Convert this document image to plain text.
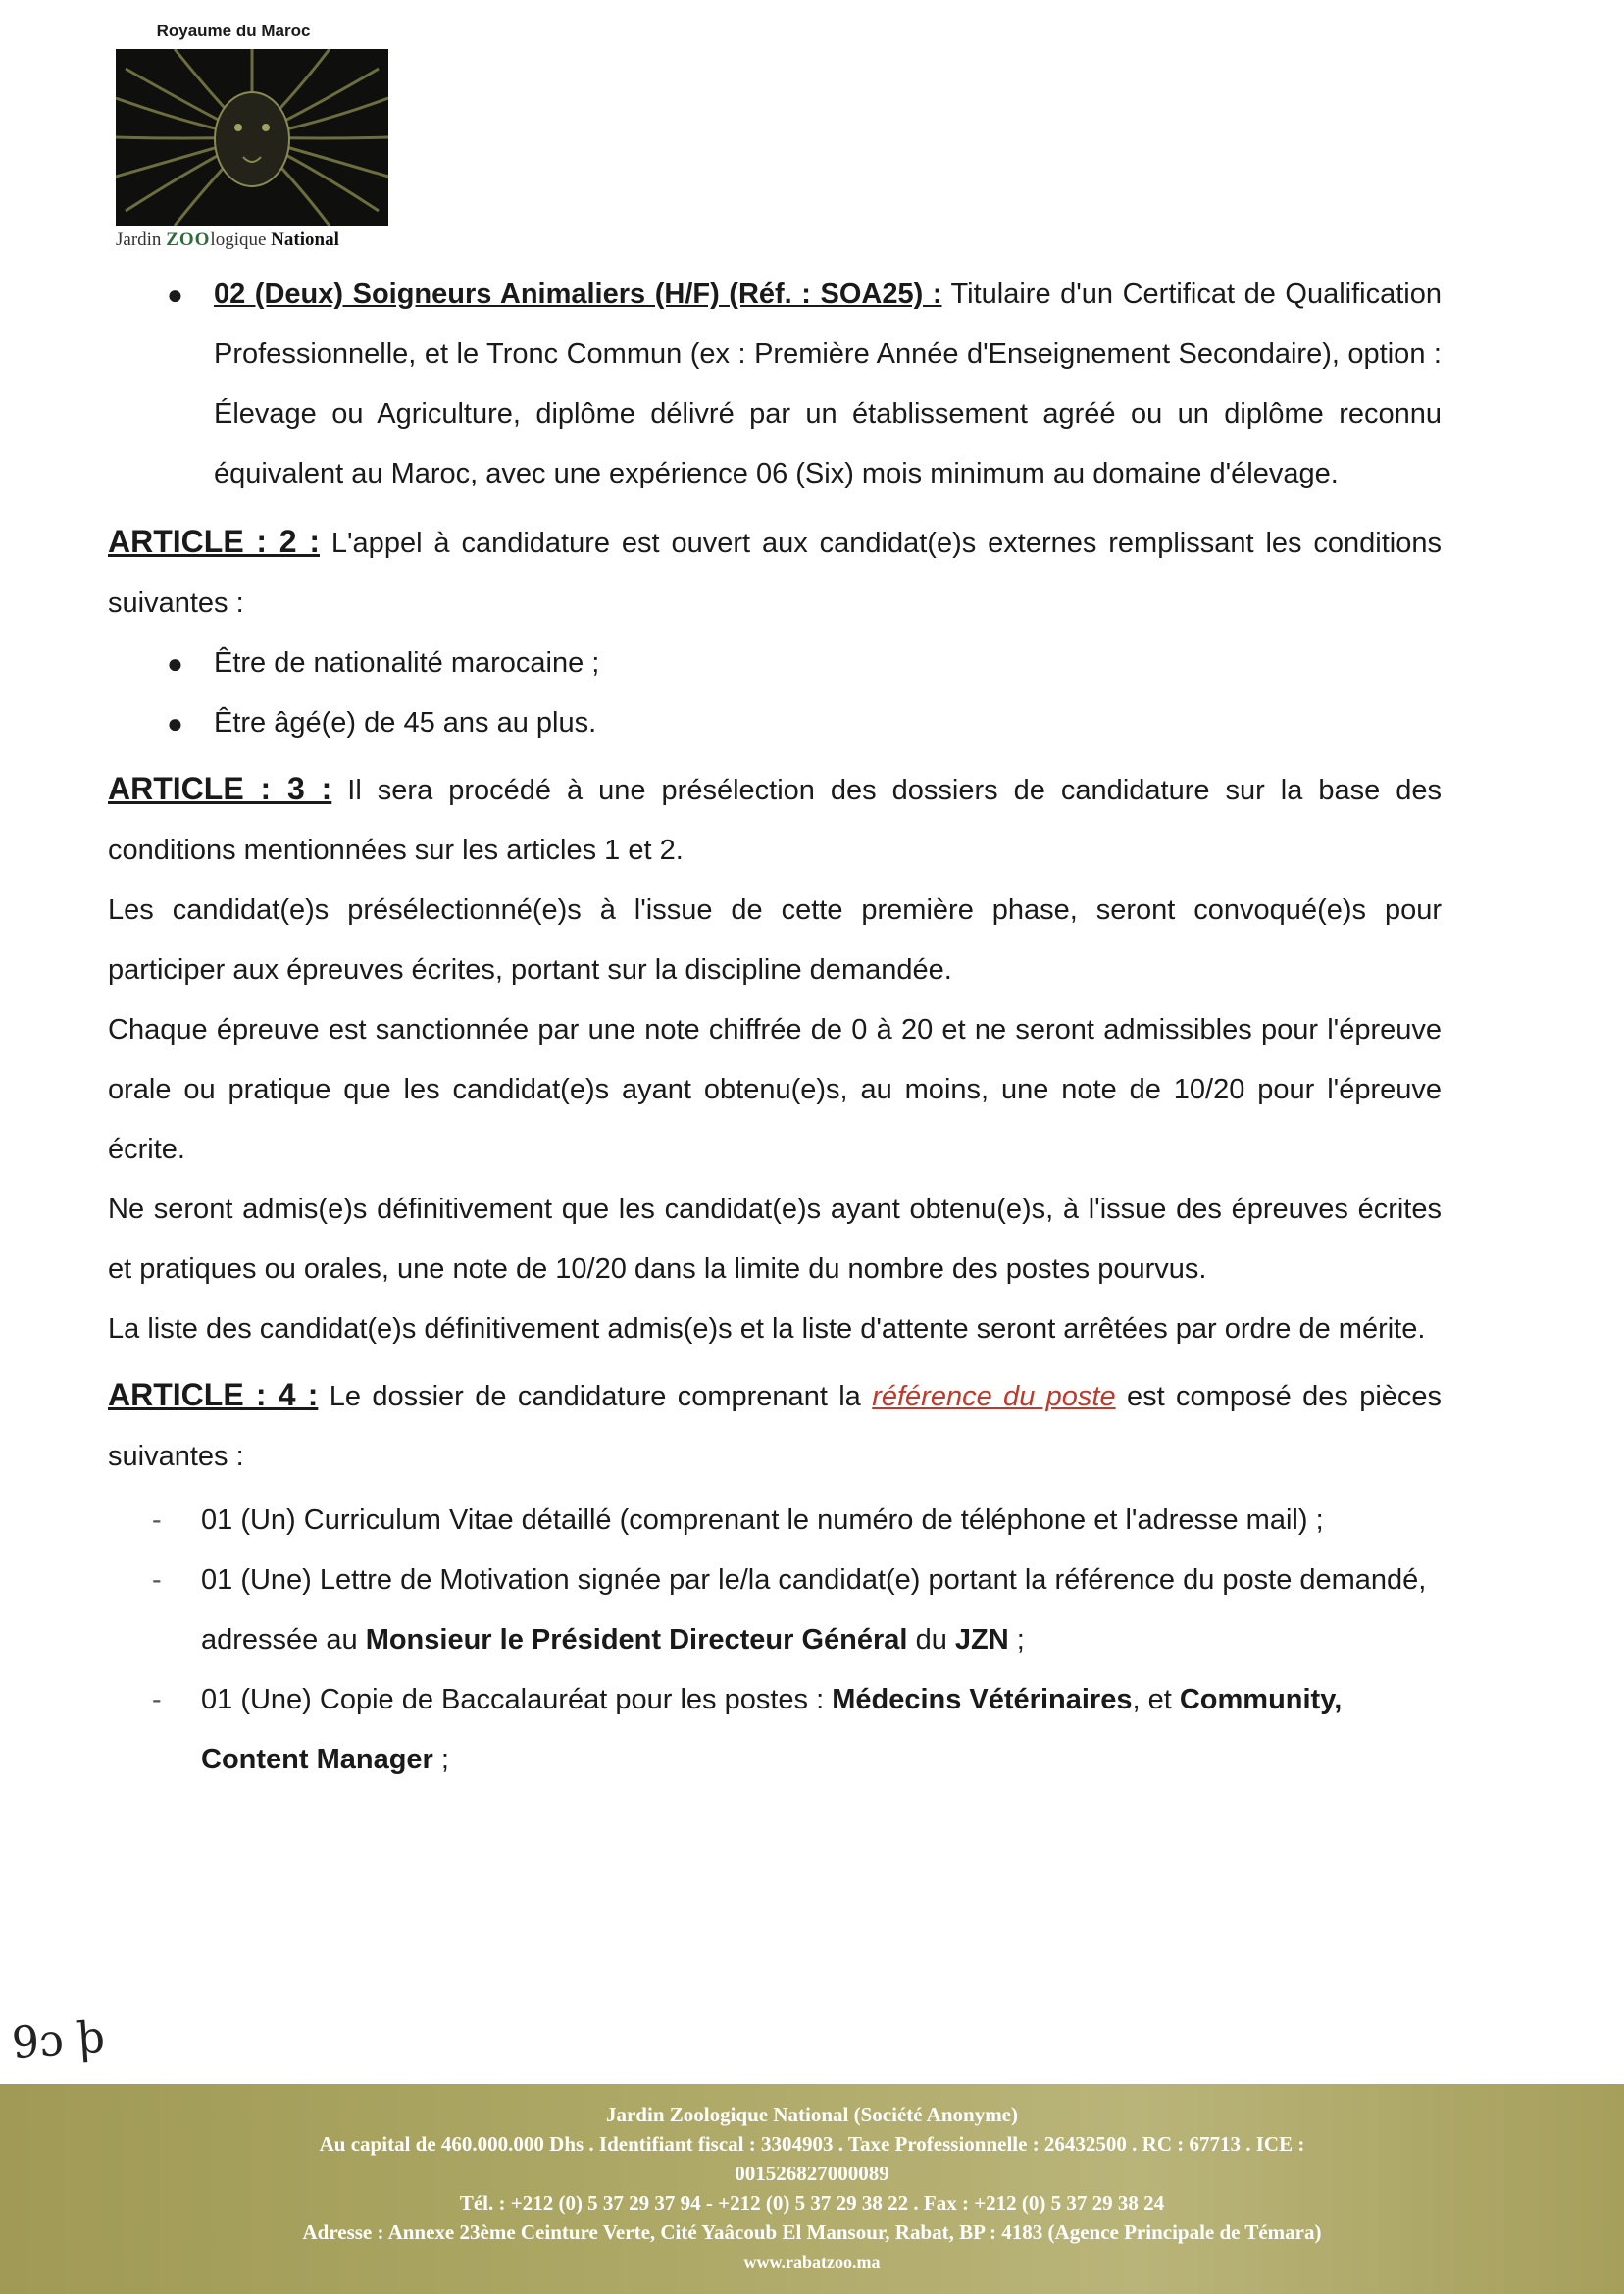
Royaume du Maroc
Jardin ZOOlogique National
● 02 (Deux) Soigneurs Animaliers (H/F) (Réf. : SOA25) : Titulaire d'un Certificat de Qualification Professionnelle, et le Tronc Commun (ex : Première Année d'Enseignement Secondaire), option : Élevage ou Agriculture, diplôme délivré par un établissement agréé ou un diplôme reconnu équivalent au Maroc, avec une expérience 06 (Six) mois minimum au domaine d'élevage.

ARTICLE : 2 : L'appel à candidature est ouvert aux candidat(e)s externes remplissant les conditions suivantes :

● Être de nationalité marocaine ;
● Être âgé(e) de 45 ans au plus.

ARTICLE : 3 : Il sera procédé à une présélection des dossiers de candidature sur la base des conditions mentionnées sur les articles 1 et 2.

Les candidat(e)s présélectionné(e)s à l'issue de cette première phase, seront convoqué(e)s pour participer aux épreuves écrites, portant sur la discipline demandée.

Chaque épreuve est sanctionnée par une note chiffrée de 0 à 20 et ne seront admissibles pour l'épreuve orale ou pratique que les candidat(e)s ayant obtenu(e)s, au moins, une note de 10/20 pour l'épreuve écrite.

Ne seront admis(e)s définitivement que les candidat(e)s ayant obtenu(e)s, à l'issue des épreuves écrites et pratiques ou orales, une note de 10/20 dans la limite du nombre des postes pourvus.

La liste des candidat(e)s définitivement admis(e)s et la liste d'attente seront arrêtées par ordre de mérite.

ARTICLE : 4 : Le dossier de candidature comprenant la référence du poste est composé des pièces suivantes :

- 01 (Un) Curriculum Vitae détaillé (comprenant le numéro de téléphone et l'adresse mail) ;
- 01 (Une) Lettre de Motivation signée par le/la candidat(e) portant la référence du poste demandé, adressée au Monsieur le Président Directeur Général du JZN ;
- 01 (Une) Copie de Baccalauréat pour les postes : Médecins Vétérinaires, et Community, Content Manager ;
9ɔ ϸ
Jardin Zoologique National (Société Anonyme)
Au capital de 460.000.000 Dhs . Identifiant fiscal : 3304903 . Taxe Professionnelle : 26432500 . RC : 67713 . ICE :
001526827000089
Tél. : +212 (0) 5 37 29 37 94 - +212 (0) 5 37 29 38 22 . Fax : +212 (0) 5 37 29 38 24
Adresse : Annexe 23ème Ceinture Verte, Cité Yaâcoub El Mansour, Rabat, BP : 4183 (Agence Principale de Témara)
www.rabatzoo.ma
